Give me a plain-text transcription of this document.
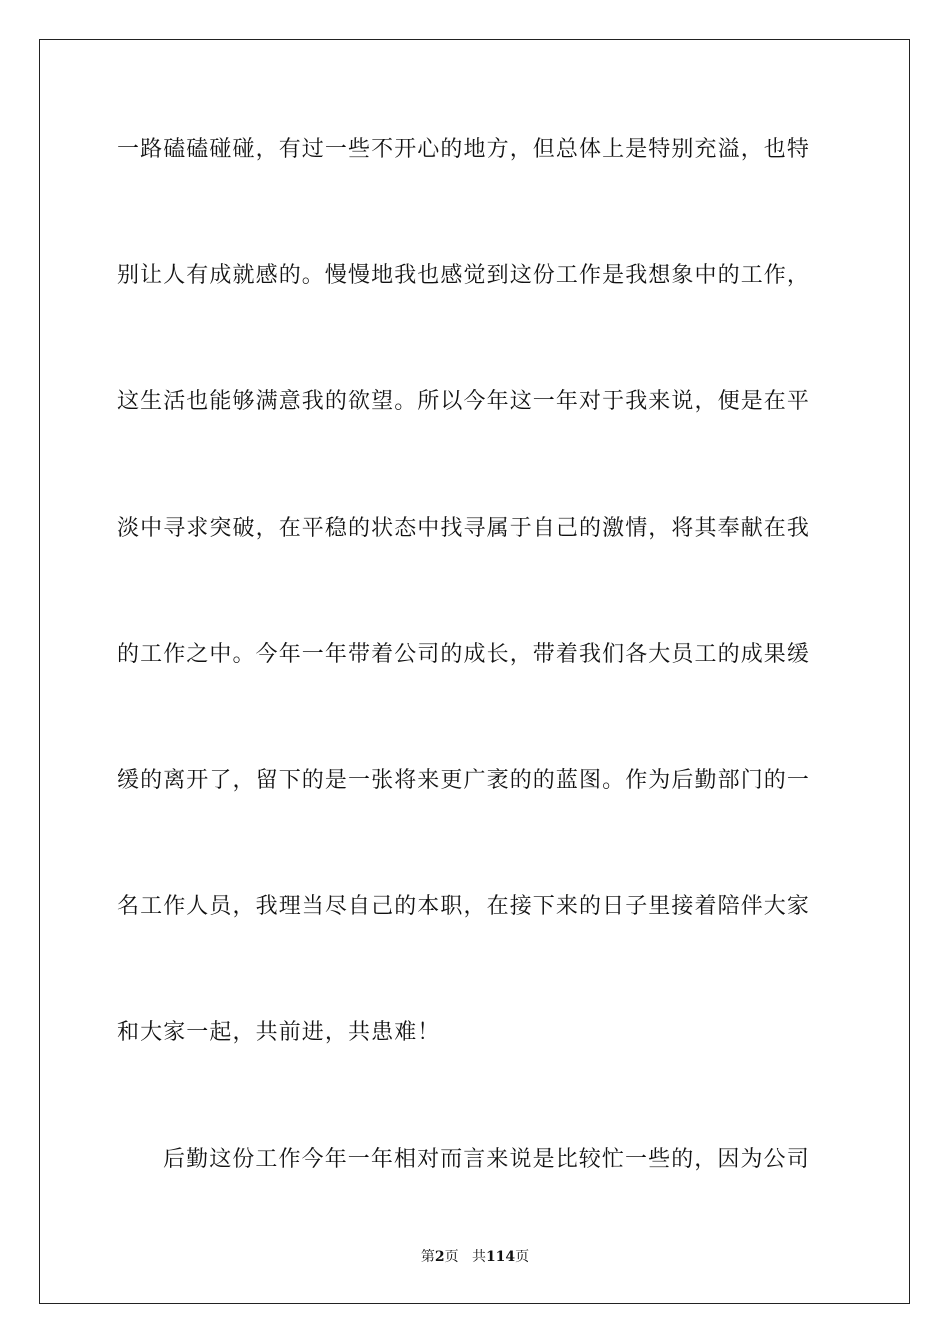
一路磕磕碰碰，有过一些不开心的地方，但总体上是特别充溢，也特
别让人有成就感的。慢慢地我也感觉到这份工作是我想象中的工作，
这生活也能够满意我的欲望。所以今年这一年对于我来说，便是在平
淡中寻求突破，在平稳的状态中找寻属于自己的激情，将其奉献在我
的工作之中。今年一年带着公司的成长，带着我们各大员工的成果缓
缓的离开了，留下的是一张将来更广袤的的蓝图。作为后勤部门的一
名工作人员，我理当尽自己的本职，在接下来的日子里接着陪伴大家
和大家一起，共前进，共患难！
后勤这份工作今年一年相对而言来说是比较忙一些的，因为公司
第2页 共114页
